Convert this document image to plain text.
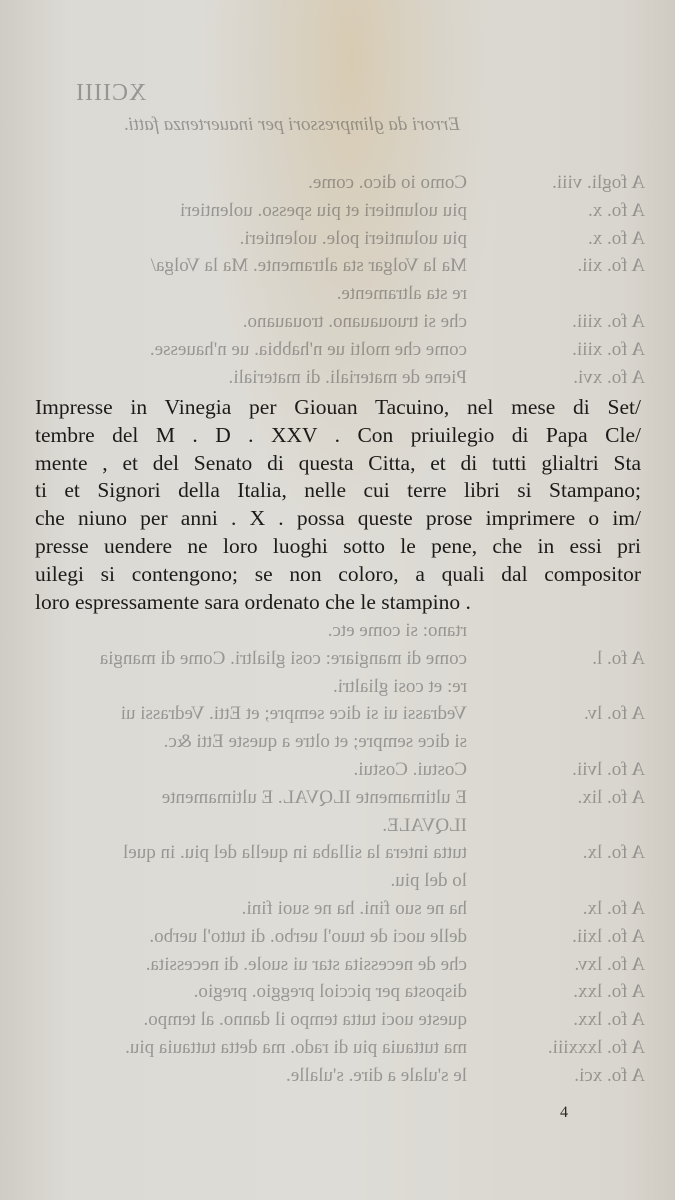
XCIIII
Errori da glimpressori per inauertenza fatti.
A fogli. viii.
Como io dico. come.
A fo. x.
piu uoluntieri et piu spesso. uolentieri
A fo. x.
piu uoluntieri pole. uolentieri.
A fo. xii.
Ma la Volgar sta altramente. Ma la Volga/
re sta altramente.
A fo. xiii.
che si truouauano. trouauano.
A fo. xiii.
come che molti ue n'habbia. ue n'hauesse.
A fo. xvi.
Piene de materiali. di materiali.
rtano: si come etc.
A fo. l.
come di mangiare: cosi glialtri. Come di mangia
re: et cosi glialtri.
A fo. lv.
Vedrassi ui si dice sempre; et Etti. Vedrassi ui
si dice sempre; et oltre a queste Etti &c.
A fo. lvii.
Costui. Costui.
A fo. lix.
E ultimamente ILQVAL. E ultimamente
ILQVALE.
A fo. lx.
tutta intera la sillaba in quella del piu. in quel
lo del piu.
A fo. lx.
ha ne suo fini. ha ne suoi fini.
A fo. lxii.
delle uoci de tuuo'l uerbo. di tutto'l uerbo.
A fo. lxv.
che de necessita star ui suole. di necessita.
A fo. lxx.
disposta per picciol preggio. pregio.
A fo. lxx.
queste uoci tutta tempo il danno. al tempo.
A fo. lxxxiii.
ma tuttauia piu di rado. ma detta tuttauia piu.
A fo. xci.
le s'ulale a dire. s'ulalle.
Impresse in Vinegia per Giouan Tacuino, nel mese di Set/
tembre del M . D . XXV . Con priuilegio di Papa Cle/
mente , et del Senato di questa Citta, et di tutti glialtri Sta
ti et Signori della Italia, nelle cui terre libri si Stampano;
che niuno per anni . X . possa queste prose imprimere o im/
presse uendere ne loro luoghi sotto le pene, che in essi pri
uilegi si contengono; se non coloro, a quali dal compositor
loro espressamente sara ordenato che le stampino .
4
